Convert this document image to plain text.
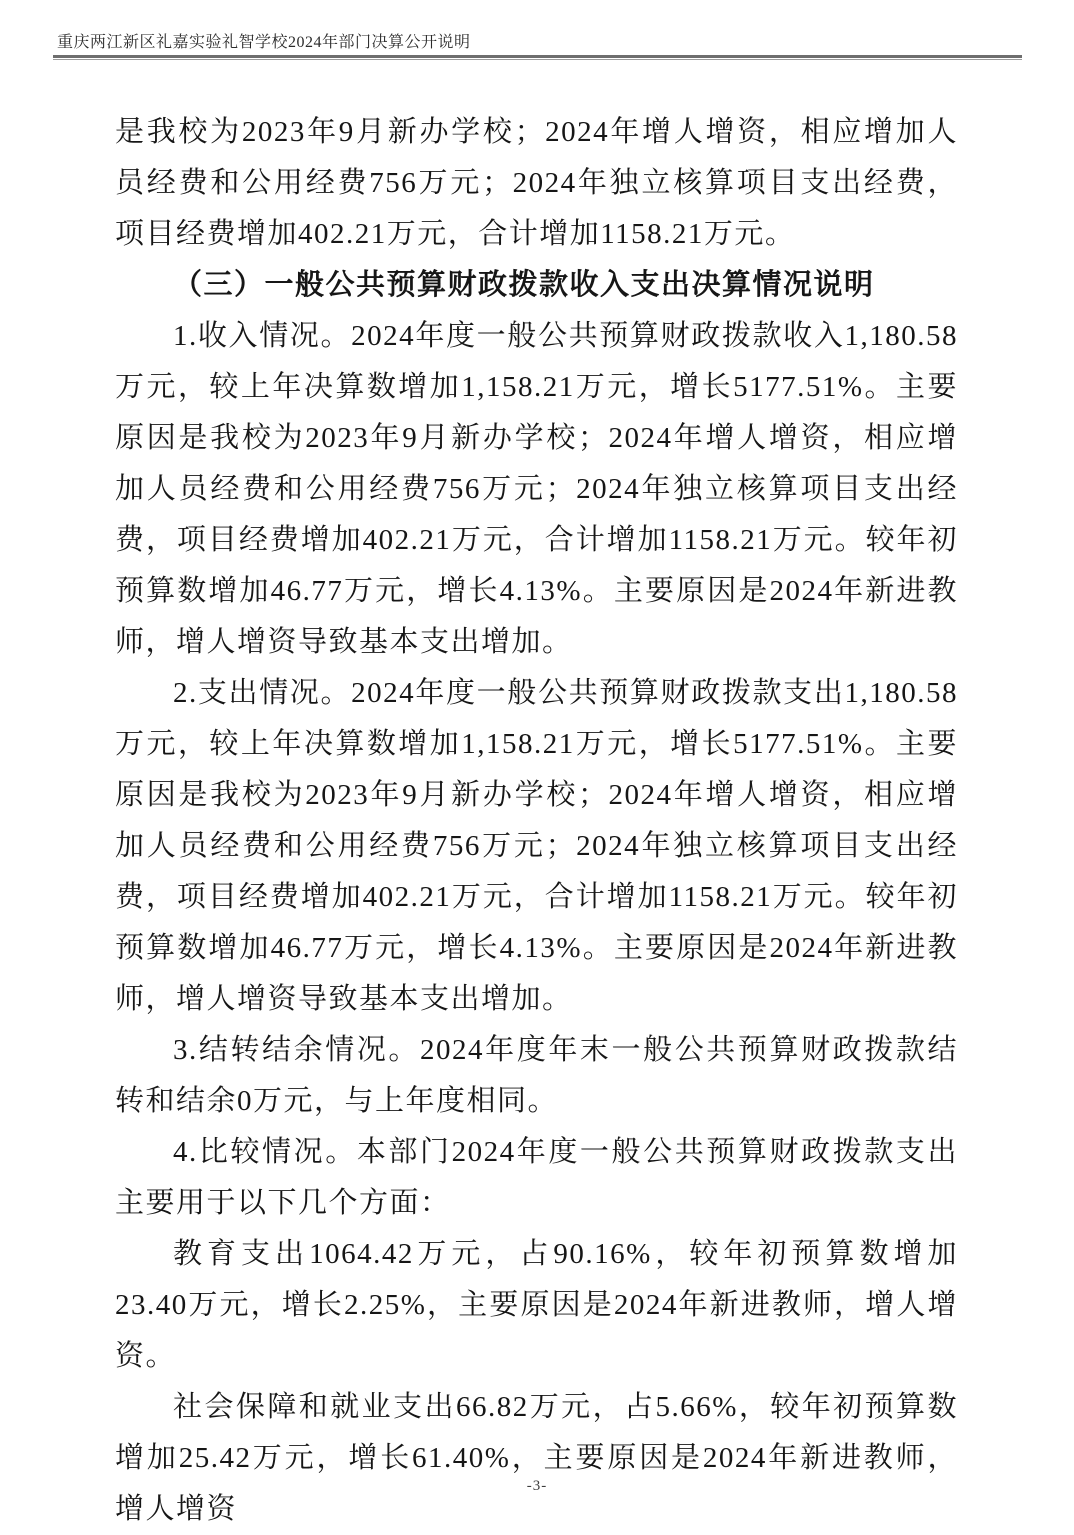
重庆两江新区礼嘉实验礼智学校2024年部门决算公开说明

是我校为2023年9月新办学校；2024年增人增资，相应增加人员经费和公用经费756万元；2024年独立核算项目支出经费，项目经费增加402.21万元，合计增加1158.21万元。

（三）一般公共预算财政拨款收入支出决算情况说明

1.收入情况。2024年度一般公共预算财政拨款收入1,180.58万元，较上年决算数增加1,158.21万元，增长5177.51%。主要原因是我校为2023年9月新办学校；2024年增人增资，相应增加人员经费和公用经费756万元；2024年独立核算项目支出经费，项目经费增加402.21万元，合计增加1158.21万元。较年初预算数增加46.77万元，增长4.13%。主要原因是2024年新进教师，增人增资导致基本支出增加。

2.支出情况。2024年度一般公共预算财政拨款支出1,180.58万元，较上年决算数增加1,158.21万元，增长5177.51%。主要原因是我校为2023年9月新办学校；2024年增人增资，相应增加人员经费和公用经费756万元；2024年独立核算项目支出经费，项目经费增加402.21万元，合计增加1158.21万元。较年初预算数增加46.77万元，增长4.13%。主要原因是2024年新进教师，增人增资导致基本支出增加。

3.结转结余情况。2024年度年末一般公共预算财政拨款结转和结余0万元，与上年度相同。

4.比较情况。本部门2024年度一般公共预算财政拨款支出主要用于以下几个方面：

教育支出1064.42万元，占90.16%，较年初预算数增加23.40万元，增长2.25%，主要原因是2024年新进教师，增人增资。

社会保障和就业支出66.82万元，占5.66%，较年初预算数增加25.42万元，增长61.40%，主要原因是2024年新进教师，增人增资

-3-
